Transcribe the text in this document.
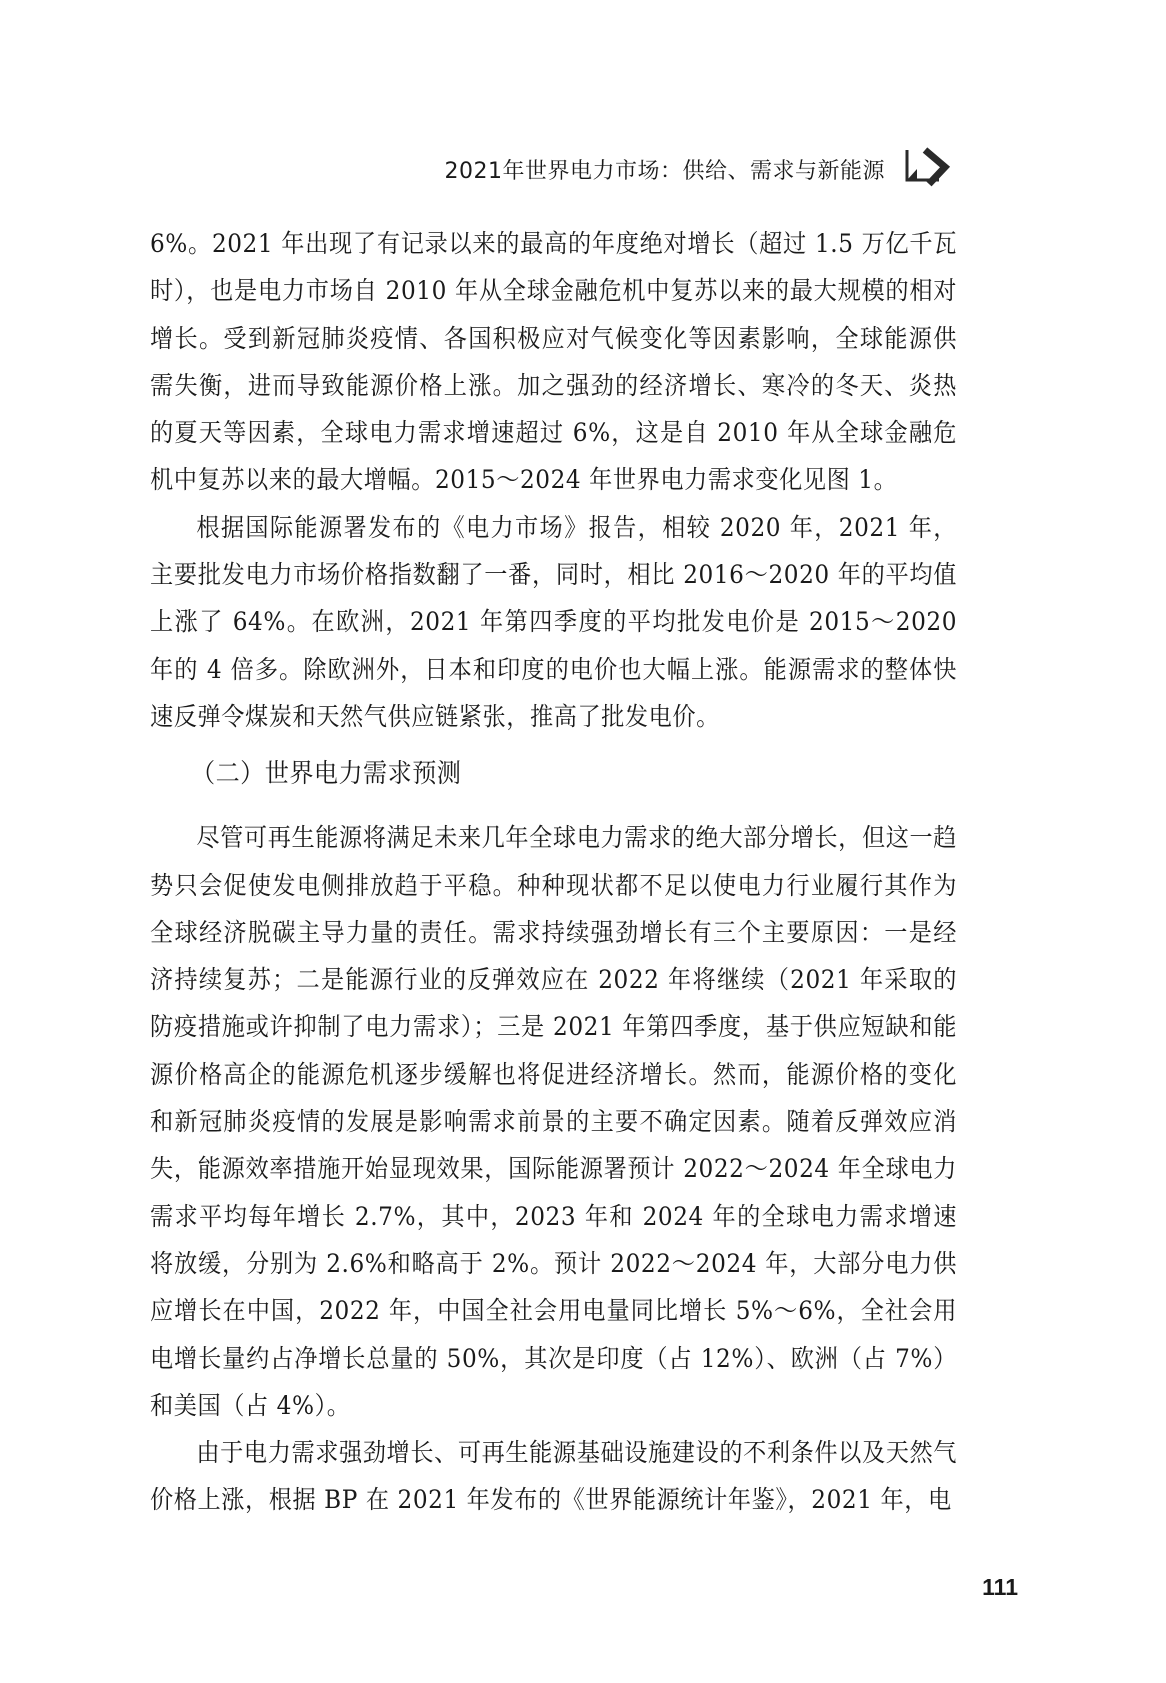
2021年世界电力市场：供给、需求与新能源

6%。2021 年出现了有记录以来的最高的年度绝对增长（超过 1.5 万亿千瓦时），也是电力市场自 2010 年从全球金融危机中复苏以来的最大规模的相对增长。受到新冠肺炎疫情、各国积极应对气候变化等因素影响，全球能源供需失衡，进而导致能源价格上涨。加之强劲的经济增长、寒冷的冬天、炎热的夏天等因素，全球电力需求增速超过 6%，这是自 2010 年从全球金融危机中复苏以来的最大增幅。2015～2024 年世界电力需求变化见图 1。

根据国际能源署发布的《电力市场》报告，相较 2020 年，2021 年，主要批发电力市场价格指数翻了一番，同时，相比 2016～2020 年的平均值上涨了 64%。在欧洲，2021 年第四季度的平均批发电价是 2015～2020 年的 4 倍多。除欧洲外，日本和印度的电价也大幅上涨。能源需求的整体快速反弹令煤炭和天然气供应链紧张，推高了批发电价。

（二）世界电力需求预测

尽管可再生能源将满足未来几年全球电力需求的绝大部分增长，但这一趋势只会促使发电侧排放趋于平稳。种种现状都不足以使电力行业履行其作为全球经济脱碳主导力量的责任。需求持续强劲增长有三个主要原因：一是经济持续复苏；二是能源行业的反弹效应在 2022 年将继续（2021 年采取的防疫措施或许抑制了电力需求）；三是 2021 年第四季度，基于供应短缺和能源价格高企的能源危机逐步缓解也将促进经济增长。然而，能源价格的变化和新冠肺炎疫情的发展是影响需求前景的主要不确定因素。随着反弹效应消失，能源效率措施开始显现效果，国际能源署预计 2022～2024 年全球电力需求平均每年增长 2.7%，其中，2023 年和 2024 年的全球电力需求增速将放缓，分别为 2.6%和略高于 2%。预计 2022～2024 年，大部分电力供应增长在中国，2022 年，中国全社会用电量同比增长 5%～6%，全社会用电增长量约占净增长总量的 50%，其次是印度（占 12%）、欧洲（占 7%）和美国（占 4%）。

由于电力需求强劲增长、可再生能源基础设施建设的不利条件以及天然气价格上涨，根据 BP 在 2021 年发布的《世界能源统计年鉴》，2021 年，电

111
